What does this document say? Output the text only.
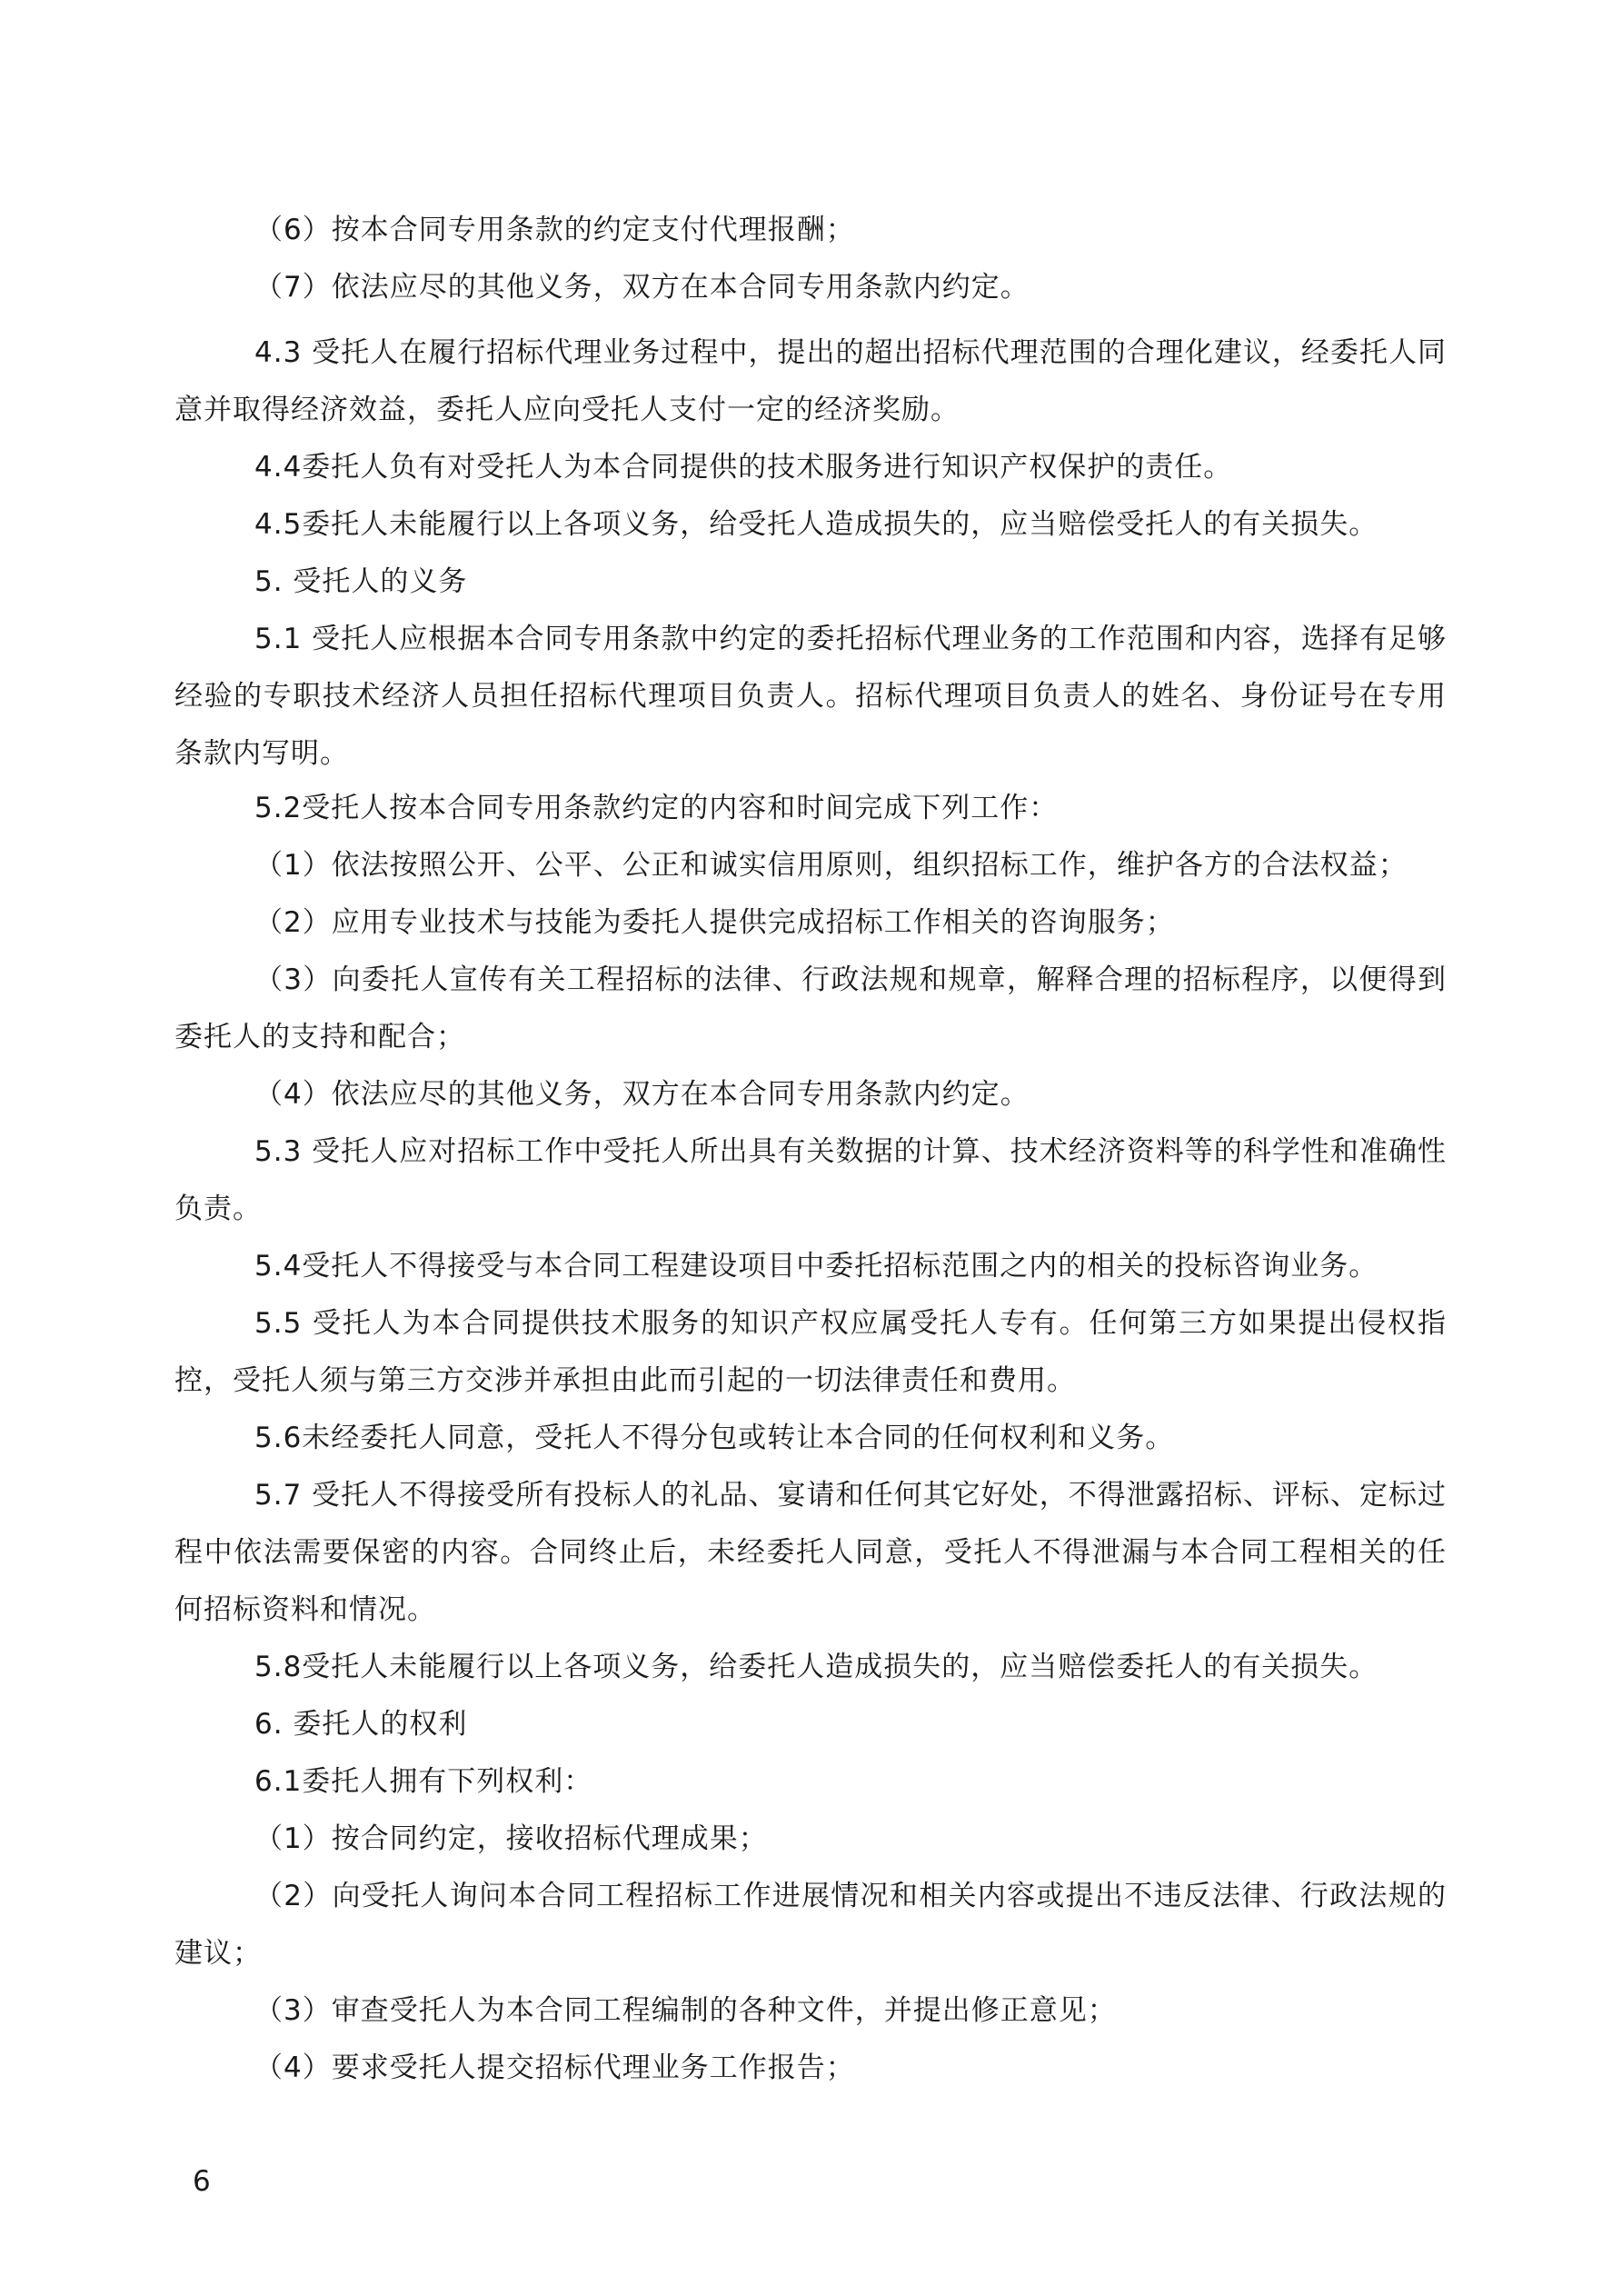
（6）按本合同专用条款的约定支付代理报酬；

（7）依法应尽的其他义务，双方在本合同专用条款内约定。

4.3 受托人在履行招标代理业务过程中，提出的超出招标代理范围的合理化建议，经委托人同意并取得经济效益，委托人应向受托人支付一定的经济奖励。

4.4委托人负有对受托人为本合同提供的技术服务进行知识产权保护的责任。

4.5委托人未能履行以上各项义务，给受托人造成损失的，应当赔偿受托人的有关损失。

5. 受托人的义务

5.1 受托人应根据本合同专用条款中约定的委托招标代理业务的工作范围和内容，选择有足够经验的专职技术经济人员担任招标代理项目负责人。招标代理项目负责人的姓名、身份证号在专用条款内写明。

5.2受托人按本合同专用条款约定的内容和时间完成下列工作：

（1）依法按照公开、公平、公正和诚实信用原则，组织招标工作，维护各方的合法权益；

（2）应用专业技术与技能为委托人提供完成招标工作相关的咨询服务；

（3）向委托人宣传有关工程招标的法律、行政法规和规章，解释合理的招标程序，以便得到委托人的支持和配合；

（4）依法应尽的其他义务，双方在本合同专用条款内约定。

5.3 受托人应对招标工作中受托人所出具有关数据的计算、技术经济资料等的科学性和准确性负责。

5.4受托人不得接受与本合同工程建设项目中委托招标范围之内的相关的投标咨询业务。

5.5 受托人为本合同提供技术服务的知识产权应属受托人专有。任何第三方如果提出侵权指控，受托人须与第三方交涉并承担由此而引起的一切法律责任和费用。

5.6未经委托人同意，受托人不得分包或转让本合同的任何权利和义务。

5.7 受托人不得接受所有投标人的礼品、宴请和任何其它好处，不得泄露招标、评标、定标过程中依法需要保密的内容。合同终止后，未经委托人同意，受托人不得泄漏与本合同工程相关的任何招标资料和情况。

5.8受托人未能履行以上各项义务，给委托人造成损失的，应当赔偿委托人的有关损失。

6. 委托人的权利

6.1委托人拥有下列权利：

（1）按合同约定，接收招标代理成果；

（2）向受托人询问本合同工程招标工作进展情况和相关内容或提出不违反法律、行政法规的建议；

（3）审查受托人为本合同工程编制的各种文件，并提出修正意见；

（4）要求受托人提交招标代理业务工作报告；

6
